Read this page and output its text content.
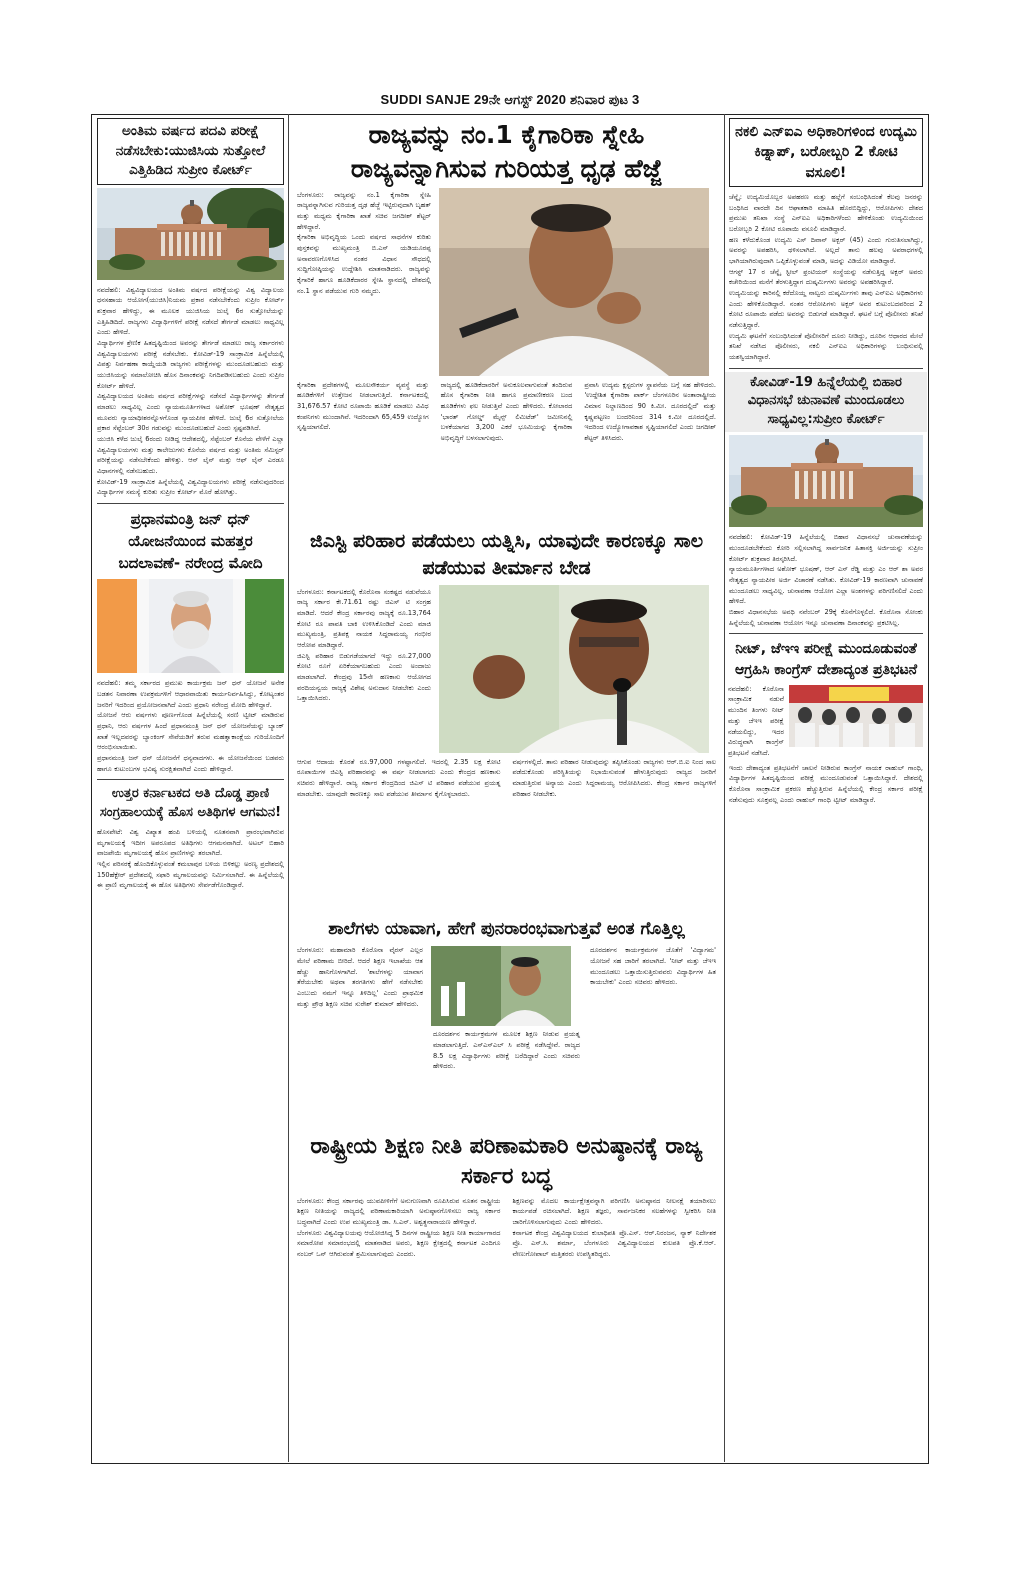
SUDDI SANJE 29ನೇ ಆಗಸ್ಟ್ 2020 ಶನಿವಾರ ಪುಟ 3
ಅಂತಿಮ ವರ್ಷದ ಪದವಿ ಪರೀಕ್ಷೆ ನಡೆಸಬೇಕು:ಯುಜಿಸಿಯ ಸುತ್ತೋಲೆ ಎತ್ತಿಹಿಡಿದ ಸುಪ್ರೀಂ ಕೋರ್ಟ್

ನವದೆಹಲಿ: ವಿಶ್ವವಿದ್ಯಾಲಯದ ಅಂತಿಮ ವರ್ಷದ ಪರೀಕ್ಷೆಯನ್ನು ವಿಶ್ವ ವಿದ್ಯಾಲಯ ಧನಸಹಾಯ ಆಯೋಗ(ಯುಜಿಸಿ)ನಿಯಮ ಪ್ರಕಾರ ನಡೆಸಬೇಕೆಂದು ಸುಪ್ರೀಂ ಕೋರ್ಟ್ ಶುಕ್ರವಾರ ಹೇಳಿದ್ದು, ಈ ಮೂಲಕ ಯುಜಿಸಿಯ ಜುಲೈ 6ರ ಸುತ್ತೋಲೆಯನ್ನು ಎತ್ತಿಹಿಡಿದಿದೆ. ರಾಜ್ಯಗಳು ವಿದ್ಯಾರ್ಥಿಗಳಿಗೆ ಪರೀಕ್ಷೆ ನಡೆಸದೆ ತೇರ್ಗಡೆ ಮಾಡಲು ಸಾಧ್ಯವಿಲ್ಲ ಎಂದು ಹೇಳಿದೆ.

ವಿದ್ಯಾರ್ಥಿಗಳ ಶ್ರೇಣಿಕ ಹಿತದೃಷ್ಟಿಯಿಂದ ಅವರನ್ನು ತೇರ್ಗಡೆ ಮಾಡಲು ರಾಜ್ಯ ಸರ್ಕಾರಗಳು ವಿಶ್ವವಿದ್ಯಾಲಯಗಳು ಪರೀಕ್ಷೆ ನಡೆಸಬೇಕು. ಕೋವಿಡ್-19 ಸಾಂಕ್ರಾಮಿಕ ಹಿನ್ನೆಲೆಯಲ್ಲಿ ವಿಪತ್ತು ನಿರ್ವಹಣಾ ಕಾಯ್ದೆಯಡಿ ರಾಜ್ಯಗಳು ಪರೀಕ್ಷೆಗಳನ್ನು ಮುಂದೂಡಬಹುದು ಮತ್ತು ಯುಜಿಸಿಯನ್ನು ಸಮಾಲೋಚಿಸಿ ಹೊಸ ದಿನಾಂಕವನ್ನು ನಿಗದಿಪಡಿಸಬಹುದು ಎಂದು ಸುಪ್ರೀಂ ಕೋರ್ಟ್ ಹೇಳಿದೆ.

ವಿಶ್ವವಿದ್ಯಾಲಯದ ಅಂತಿಮ ವರ್ಷದ ಪರೀಕ್ಷೆಗಳನ್ನು ನಡೆಸದೆ ವಿದ್ಯಾರ್ಥಿಗಳನ್ನು ತೇರ್ಗಡೆ ಮಾಡಲು ಸಾಧ್ಯವಿಲ್ಲ ಎಂದು ನ್ಯಾಯಮೂರ್ತಿಗಳಾದ ಅಶೋಕ್ ಭೂಷಣ್ ನೇತೃತ್ವದ ಮೂವರು ನ್ಯಾಯಾಧೀಶರನ್ನೊಳಗೊಂಡ ನ್ಯಾಯಪೀಠ ಹೇಳಿದೆ. ಜುಲೈ 6ರ ಸುತ್ತೋಲೆಯ ಪ್ರಕಾರ ಸೆಪ್ಟೆಂಬರ್ 30ರ ಗಡುವನ್ನು ಮುಂದೂಡಬಹುದೆ ಎಂದು ಸ್ಪಷ್ಟಪಡಿಸಿದೆ.

ಯುಜಿಸಿ ಕಳೆದ ಜುಲೈ 6ರಂದು ನೀಡಿದ್ದ ಆದೇಶದಲ್ಲಿ, ಸೆಪ್ಟೆಂಬರ್ ಕೊನೆಯ ವೇಳೆಗೆ ಎಲ್ಲಾ ವಿಶ್ವವಿದ್ಯಾಲಯಗಳು ಮತ್ತು ಕಾಲೇಜುಗಳು ಕೊನೆಯ ವರ್ಷದ ಮತ್ತು ಅಂತಿಮ ಸೆಮಿಸ್ಟರ್ ಪರೀಕ್ಷೆಯನ್ನು ನಡೆಸಬೇಕೆಂದು ಹೇಳಿತ್ತು. ಆನ್ ಲೈನ್ ಮತ್ತು ಆಫ್ ಲೈನ್ ಎರಡೂ ವಿಧಾನಗಳಲ್ಲಿ ನಡೆಸಬಹುದು.

ಕೋವಿಡ್-19 ಸಾಂಕ್ರಾಮಿಕ ಹಿನ್ನೆಲೆಯಲ್ಲಿ ವಿಶ್ವವಿದ್ಯಾಲಯಗಳು ಪರೀಕ್ಷೆ ನಡೆಸುವುದರಿಂದ ವಿದ್ಯಾರ್ಥಿಗಳ ಸಮಸ್ಯೆ ಕುರಿತು ಸುಪ್ರೀಂ ಕೋರ್ಟ್ ಮೊರೆ ಹೋಗಿತ್ತು.

ಪ್ರಧಾನಮಂತ್ರಿ ಜನ್ ಧನ್ ಯೋಜನೆಯಿಂದ ಮಹತ್ತರ ಬದಲಾವಣೆ- ನರೇಂದ್ರ ಮೋದಿ

ನವದೆಹಲಿ: ತಮ್ಮ ಸರ್ಕಾರದ ಪ್ರಮುಖ ಕಾರ್ಯಕ್ರಮ ಜನ್ ಧನ್ ಯೋಜನೆ ಅನೇಕ ಬಡತನ ನಿವಾರಣಾ ಉಪಕ್ರಮಗಳಿಗೆ ಆಧಾರವಾಯಿತು ಕಾರ್ಯನಿರ್ವಹಿಸಿದ್ದು, ಕೋಟ್ಯಂತರ ಜನರಿಗೆ ಇದರಿಂದ ಪ್ರಯೋಜನವಾಗಿದೆ ಎಂದು ಪ್ರಧಾನಿ ನರೇಂದ್ರ ಮೋದಿ ಹೇಳಿದ್ದಾರೆ.

ಯೋಜನೆ ಆರು ವರ್ಷಗಳು ಪೂರ್ಣಗೊಂಡ ಹಿನ್ನೆಲೆಯಲ್ಲಿ ಸರಣಿ ಟ್ವೀಟ್ ಮಾಡಿರುವ ಪ್ರಧಾನಿ, ಆರು ವರ್ಷಗಳ ಹಿಂದೆ ಪ್ರಧಾನಮಂತ್ರಿ ಜನ್ ಧನ್ ಯೋಜನೆಯನ್ನು ಬ್ಯಾಂಕ್ ಖಾತೆ ಇಲ್ಲದವರನ್ನು ಬ್ಯಾಂಕಿಂಗ್ ಸೇವೆಯಡಿಗೆ ತರುವ ಮಹತ್ವಾಕಾಂಕ್ಷೆಯ ಗುರಿಯೊಂದಿಗೆ ಆರಂಭಿಸಲಾಯಿತು.

ಪ್ರಧಾನಮಂತ್ರಿ ಜನ್ ಧನ್ ಯೋಜನೆಗೆ ಧನ್ಯವಾದಗಳು. ಈ ಯೋಜನೆಯಿಂದ ಬಡವರು ಹಾಗೂ ಕುಟುಂಬಗಳ ಭವಿಷ್ಯ ಸುರಕ್ಷಿತವಾಗಿದೆ ಎಂದು ಹೇಳಿದ್ದಾರೆ.

ಉತ್ತರ ಕರ್ನಾಟಕದ ಅತಿ ದೊಡ್ಡ ಪ್ರಾಣಿ ಸಂಗ್ರಹಾಲಯಕ್ಕೆ ಹೊಸ ಅತಿಥಿಗಳ ಆಗಮನ!

ಹೊಸಪೇಟೆ: ವಿಶ್ವ ವಿಖ್ಯಾತ ಹಂಪಿ ಬಳಿಯಲ್ಲಿ ನೂತನವಾಗಿ ಪ್ರಾರಂಭವಾಗಿರುವ ಮೃಗಾಲಯಕ್ಕೆ ಇದೀಗ ಅಪರೂಪದ ಅತಿಥಿಗಳು ಆಗಮನವಾಗಿದೆ. ಅಟಲ್ ಬಿಹಾರಿ ವಾಜಪೇಯಿ ಮೃಗಾಲಯಕ್ಕೆ ಹೊಸ ಪ್ರಾಣಿಗಳನ್ನು ತರಲಾಗಿದೆ.

ಇಲ್ಲಿನ ಪರಿಸರಕ್ಕೆ ಹೊಂದಿಕೊಳ್ಳುವಂತೆ ಕಮಲಾಪುರ ಬಳಿಯ ಬಿಳಿಕಲ್ಲು ಅರಣ್ಯ ಪ್ರದೇಶದಲ್ಲಿ 150ಹೆಕ್ಟೇರ್ ಪ್ರದೇಶದಲ್ಲಿ ಸಫಾರಿ ಮೃಗಾಲಯವನ್ನು ನಿರ್ಮಿಸಲಾಗಿದೆ. ಈ ಹಿನ್ನೆಲೆಯಲ್ಲಿ ಈ ಪ್ರಾಣಿ ಮೃಗಾಲಯಕ್ಕೆ ಈ ಹೊಸ ಅತಿಥಿಗಳು ಸೇರ್ಪಡೆಗೊಂಡಿದ್ದಾರೆ.

ರಾಜ್ಯವನ್ನು ನಂ.1 ಕೈಗಾರಿಕಾ ಸ್ನೇಹಿ ರಾಜ್ಯವನ್ನಾಗಿಸುವ ಗುರಿಯತ್ತ ಧೃಢ ಹೆಜ್ಜೆ

ಬೆಂಗಳೂರು: ರಾಜ್ಯವನ್ನು ನಂ.1 ಕೈಗಾರಿಕಾ ಸ್ನೇಹಿ ರಾಜ್ಯವನ್ನಾಗಿಸುವ ಗುರಿಯತ್ತ ದೃಢ ಹೆಜ್ಜೆ ಇಟ್ಟಿರುವುದಾಗಿ ಬೃಹತ್ ಮತ್ತು ಮಧ್ಯಮ ಕೈಗಾರಿಕಾ ಖಾತೆ ಸಚಿವ ಜಗದೀಶ್ ಶೆಟ್ಟರ್ ಹೇಳಿದ್ದಾರೆ.

ಕೈಗಾರಿಕಾ ಅಭಿವೃದ್ಧಿಯ ಒಂದು ವರ್ಷದ ಸಾಧನೆಗಳ ಕುರಿತು ಪುಸ್ತಕವನ್ನು ಮುಖ್ಯಮಂತ್ರಿ ಬಿ.ಎಸ್ ಯಡಿಯೂರಪ್ಪ ಅನಾವರಣಗೊಳಿಸಿದ ನಂತರ ವಿಧಾನ ಸೌಧದಲ್ಲಿ ಸುದ್ದಿಗೋಷ್ಠಿಯನ್ನು ಉದ್ದೇಶಿಸಿ ಮಾತನಾಡಿದರು. ರಾಜ್ಯವನ್ನು ಕೈಗಾರಿಕೆ ಹಾಗೂ ಹೂಡಿಕೆದಾರರ ಸ್ನೇಹಿ ಸ್ಥಾನದಲ್ಲಿ ದೇಶದಲ್ಲಿ ನಂ.1 ಸ್ಥಾನ ಪಡೆಯುವ ಗುರಿ ನಮ್ಮದು.

ಕೈಗಾರಿಕಾ ಪ್ರದೇಶಗಳಲ್ಲಿ ಮೂಲಸೌಕರ್ಯ ವ್ಯವಸ್ಥೆ ಮತ್ತು ಹೂಡಿಕೆಗಳಿಗೆ ಉತ್ತೇಜನ ನೀಡಲಾಗುತ್ತಿದೆ. ಕರ್ನಾಟಕದಲ್ಲಿ 31,676.57 ಕೋಟಿ ರೂಪಾಯಿ ಹೂಡಿಕೆ ಮಾಡಲು ವಿವಿಧ ಕಂಪನಿಗಳು ಮುಂದಾಗಿವೆ. ಇದರಿಂದಾಗಿ 65,459 ಉದ್ಯೋಗ ಸೃಷ್ಟಿಯಾಗಲಿದೆ.

ರಾಜ್ಯದಲ್ಲಿ ಹೂಡಿಕೆದಾರರಿಗೆ ಅನುಕೂಲವಾಗುವಂತೆ ತಂದಿರುವ ಹೊಸ ಕೈಗಾರಿಕಾ ನೀತಿ ಹಾಗೂ ಪ್ರಮಾಣೀಕರಣ ಬಂದ ಹೂಡಿಕೆಗಳು ಫಲ ನೀಡುತ್ತಿವೆ ಎಂದು ಹೇಳಿದರು. ಕೋಲಾರದ 'ಭಾರತ್ ಗೋಲ್ಡ್ ಮೈನ್ಸ್ ಲಿಮಿಟೆಡ್' ಜಮೀನಿನಲ್ಲಿ ಬಳಕೆಯಾಗದ 3,200 ಎಕರೆ ಭೂಮಿಯನ್ನು ಕೈಗಾರಿಕಾ ಅಭಿವೃದ್ಧಿಗೆ ಬಳಸಲಾಗುವುದು.

ಪ್ರವಾಸಿ ಉದ್ಯಮ ಕ್ಲಸ್ಟರುಗಳ ಸ್ಥಾಪನೆಯ ಬಗ್ಗೆ ಸಹ ಹೇಳಿದರು. 'ಉದ್ದೇಶಿತ ಕೈಗಾರಿಕಾ ಪಾರ್ಕ್ ಬೆಂಗಳೂರಿನ ಅಂತಾರಾಷ್ಟ್ರೀಯ ವಿಮಾನ ನಿಲ್ದಾಣದಿಂದ 90 ಕಿ.ಮೀ. ದೂರದಲ್ಲಿದೆ' ಮತ್ತು ಕೃಷ್ಣಪಟ್ಟಣಂ ಬಂದರಿನಿಂದ 314 ಕಿ.ಮೀ ದೂರದಲ್ಲಿದೆ. ಇದರಿಂದ ಉದ್ಯೋಗಾವಕಾಶ ಸೃಷ್ಟಿಯಾಗಲಿದೆ ಎಂದು ಜಗದೀಶ್ ಶೆಟ್ಟರ್ ತಿಳಿಸಿದರು.

ಜಿಎಸ್ಟಿ ಪರಿಹಾರ ಪಡೆಯಲು ಯತ್ನಿಸಿ, ಯಾವುದೇ ಕಾರಣಕ್ಕೂ ಸಾಲ ಪಡೆಯುವ ತೀರ್ಮಾನ ಬೇಡ

ಬೆಂಗಳೂರು: ಕರ್ನಾಟಕದಲ್ಲಿ ಕೊರೊನಾ ಸಂಕಷ್ಟದ ನಡುವೆಯೂ ರಾಜ್ಯ ಸರ್ಕಾರ ಕೇ.71.61 ರಷ್ಟು ಜಿಎಸ್ ಟಿ ಸಂಗ್ರಹ ಮಾಡಿದೆ. ಆದರೆ ಕೇಂದ್ರ ಸರ್ಕಾರವು ರಾಜ್ಯಕ್ಕೆ ರೂ.13,764 ಕೋಟಿ ರೂ ಪಾವತಿ ಬಾಕಿ ಉಳಿಸಿಕೊಂಡಿದೆ ಎಂದು ಮಾಜಿ ಮುಖ್ಯಮಂತ್ರಿ, ಪ್ರತಿಪಕ್ಷ ನಾಯಕ ಸಿದ್ದರಾಮಯ್ಯ ಗಂಭೀರ ಆರೋಪ ಮಾಡಿದ್ದಾರೆ.

ಜಿಎಸ್ಟಿ ಪರಿಹಾರ ಬಿಡುಗಡೆಯಾಗದೆ ಇದ್ದು ರೂ.27,000 ಕೋಟಿ ರೂಗೆ ಏರಿಕೆಯಾಗಬಹುದು ಎಂದು ಅಂದಾಜು ಮಾಡಲಾಗಿದೆ. ಕೇಂದ್ರವು 15ನೇ ಹಣಕಾಸು ಆಯೋಗದ ವರದಿಯನ್ವಯ ರಾಜ್ಯಕ್ಕೆ ವಿಶೇಷ ಅನುದಾನ ನೀಡಬೇಕು ಎಂದು ಒತ್ತಾಯಿಸಿದರು.

ಆಗುವ ಆದಾಯ ಕೊರತೆ ರೂ.97,000 ಗಳಷ್ಟಾಗಲಿದೆ. ಇದರಲ್ಲಿ 2.35 ಲಕ್ಷ ಕೋಟಿ ರೂಪಾಯಿಗಳ ಜಿಎಸ್ಟಿ ಪರಿಹಾರವನ್ನು ಈ ವರ್ಷ ನೀಡಲಾಗದು ಎಂದು ಕೇಂದ್ರದ ಹಣಕಾಸು ಸಚಿವರು ಹೇಳಿದ್ದಾರೆ. ರಾಜ್ಯ ಸರ್ಕಾರ ಕೇಂದ್ರದಿಂದ ಜಿಎಸ್ ಟಿ ಪರಿಹಾರ ಪಡೆಯುವ ಪ್ರಯತ್ನ ಮಾಡಬೇಕು. ಯಾವುದೇ ಕಾರಣಕ್ಕೂ ಸಾಲ ಪಡೆಯುವ ತೀರ್ಮಾನ ಕೈಗೊಳ್ಳಬಾರದು.

ವರ್ಷಗಳಲ್ಲಿದೆ. ತಾನು ಪರಿಹಾರ ನೀಡುವುದನ್ನು ತಪ್ಪಿಸಿಕೊಂಡು ರಾಜ್ಯಗಳು ಆರ್.ಬಿ.ಐ ನಿಂದ ಸಾಲ ಪಡೆದುಕೊಂಡು ಪರಿಸ್ಥಿತಿಯನ್ನು ನಿಭಾಯಿಸುವಂತೆ ಹೇಳುತ್ತಿರುವುದು ರಾಜ್ಯದ ಜನರಿಗೆ ಮಾಡುತ್ತಿರುವ ಅನ್ಯಾಯ ಎಂದು ಸಿದ್ದರಾಮಯ್ಯ ಆರೋಪಿಸಿದರು. ಕೇಂದ್ರ ಸರ್ಕಾರ ರಾಜ್ಯಗಳಿಗೆ ಪರಿಹಾರ ನೀಡಬೇಕು.

ಶಾಲೆಗಳು ಯಾವಾಗ, ಹೇಗೆ ಪುನರಾರಂಭವಾಗುತ್ತವೆ ಅಂತ ಗೊತ್ತಿಲ್ಲ

ಬೆಂಗಳೂರು: ಮಹಾಮಾರಿ ಕೊರೊನಾ ವೈರಸ್ ಎಲ್ಲರ ಮೇಲೆ ಪರಿಣಾಮ ಬೀರಿದೆ. ಆದರೆ ಶಿಕ್ಷಣ ಇಲಾಖೆಯ ಆತ ಹೆಚ್ಚು ಹಾನಿಗೊಳಗಾಗಿದೆ. 'ಶಾಲೆಗಳನ್ನು ಯಾವಾಗ ತೆರೆಯಬೇಕು ಅಥವಾ ತರಗತಿಗಳು ಹೇಗೆ ನಡೆಸಬೇಕು ಎಂಬುದು ನಮಗೆ ಇನ್ನೂ ತಿಳಿದಿಲ್ಲ' ಎಂದು ಪ್ರಾಥಮಿಕ ಮತ್ತು ಪ್ರೌಢ ಶಿಕ್ಷಣ ಸಚಿವ ಸುರೇಶ್ ಕುಮಾರ್ ಹೇಳಿದರು.

ದೂರದರ್ಶನ ಕಾರ್ಯಕ್ರಮಗಳ ಮೂಲಕ ಶಿಕ್ಷಣ ನೀಡುವ ಪ್ರಯತ್ನ ಮಾಡಲಾಗುತ್ತಿದೆ. ಎಸ್ಎಸ್ಎಲ್ ಸಿ ಪರೀಕ್ಷೆ ನಡೆಸಿದ್ದೇವೆ. ರಾಜ್ಯದ 8.5 ಲಕ್ಷ ವಿದ್ಯಾರ್ಥಿಗಳು ಪರೀಕ್ಷೆ ಬರೆದಿದ್ದಾರೆ ಎಂದು ಸಚಿವರು ಹೇಳಿದರು.

ದೂರದರ್ಶನ ಕಾರ್ಯಕ್ರಮಗಳ ಜೊತೆಗೆ 'ವಿದ್ಯಾಗಮ' ಯೋಜನೆ ಸಹ ಜಾರಿಗೆ ತರಲಾಗಿದೆ. 'ನೀಟ್ ಮತ್ತು ಜೆಇಇ ಮುಂದೂಡಲು ಒತ್ತಾಯಿಸುತ್ತಿರುವವರು ವಿದ್ಯಾರ್ಥಿಗಳ ಹಿತ ಕಾಯಬೇಕು' ಎಂದು ಸಚಿವರು ಹೇಳಿದರು.

ರಾಷ್ಟ್ರೀಯ ಶಿಕ್ಷಣ ನೀತಿ ಪರಿಣಾಮಕಾರಿ ಅನುಷ್ಠಾನಕ್ಕೆ ರಾಜ್ಯ ಸರ್ಕಾರ ಬದ್ಧ

ಬೆಂಗಳೂರು: ಕೇಂದ್ರ ಸರ್ಕಾರವು ಯುವಪೀಳಿಗೆಗೆ ಅನುಗುಣವಾಗಿ ರೂಪಿಸಿರುವ ನೂತನ ರಾಷ್ಟ್ರೀಯ ಶಿಕ್ಷಣ ನೀತಿಯನ್ನು ರಾಜ್ಯದಲ್ಲಿ ಪರಿಣಾಮಕಾರಿಯಾಗಿ ಅನುಷ್ಠಾನಗೊಳಿಸಲು ರಾಜ್ಯ ಸರ್ಕಾರ ಬದ್ಧವಾಗಿದೆ ಎಂದು ಉಪ ಮುಖ್ಯಮಂತ್ರಿ ಡಾ. ಸಿ.ಎನ್. ಅಶ್ವತ್ಥನಾರಾಯಣ ಹೇಳಿದ್ದಾರೆ.

ಬೆಂಗಳೂರು ವಿಶ್ವವಿದ್ಯಾಲಯವು ಆಯೋಜಿಸಿದ್ದ 5 ದಿನಗಳ ರಾಷ್ಟ್ರೀಯ ಶಿಕ್ಷಣ ನೀತಿ ಕಾರ್ಯಾಗಾರದ ಸಮಾರೋಪ ಸಮಾರಂಭದಲ್ಲಿ ಮಾತನಾಡಿದ ಅವರು, ಶಿಕ್ಷಣ ಕ್ಷೇತ್ರದಲ್ಲಿ ಕರ್ನಾಟಕ ಎಂದಿಗೂ ನಂಬರ್ ಒನ್ ಆಗಿರುವಂತೆ ಶ್ರಮಿಸಲಾಗುವುದು ಎಂದರು.

ಶಿಕ್ಷಣವನ್ನು ಮೊದಲ ಕಾರ್ಯಕ್ಷೇತ್ರವನ್ನಾಗಿ ಪರಿಗಣಿಸಿ ಅನುಷ್ಠಾನದ ನೀಲನಕ್ಷೆ ತಯಾರಿಸಲು ಕಾರ್ಯಪಡೆ ರಚಿಸಲಾಗಿದೆ. ಶಿಕ್ಷಣ ತಜ್ಞರು, ಸಾರ್ವಜನಿಕರ ಸಲಹೆಗಳನ್ನು ಸ್ವೀಕರಿಸಿ ನೀತಿ ಜಾರಿಗೊಳಿಸಲಾಗುವುದು ಎಂದು ಹೇಳಿದರು.

ಕರ್ನಾಟಕ ಕೇಂದ್ರ ವಿಶ್ವವಿದ್ಯಾಲಯದ ಕುಲಾಧಿಪತಿ ಪ್ರೊ.ಎಸ್. ಆರ್.ನಿರಂಜನ, ನ್ಯಾಕ್ ನಿರ್ದೇಶಕ ಪ್ರೊ. ಎಸ್.ಸಿ. ಶರ್ಮಾ, ಬೆಂಗಳೂರು ವಿಶ್ವವಿದ್ಯಾಲಯದ ಕುಲಪತಿ ಪ್ರೊ.ಕೆ.ಆರ್. ವೇಣುಗೋಪಾಲ್ ಮತ್ತಿತರರು ಉಪಸ್ಥಿತರಿದ್ದರು.

ನಕಲಿ ಎನ್ಐಎ ಅಧಿಕಾರಿಗಳಿಂದ ಉದ್ಯಮಿ ಕಿಡ್ನಾಪ್, ಬರೋಬ್ಬರಿ 2 ಕೋಟಿ ವಸೂಲಿ!

ಚೆನ್ನೈ: ಉದ್ಯಮಿಯೊಬ್ಬರ ಅಪಹರಣ ಮತ್ತು ಹಲ್ಲೆಗೆ ಸಂಬಂಧಿಸಿದಂತೆ ಕೆಲವು ಜನರನ್ನು ಬಂಧಿಸಿದ ವಾರದೇ ದಿನ ಆಘಾತಕಾರಿ ಮಾಹಿತಿ ಹೊರಬಿದ್ದಿದ್ದು, ಆರೋಪಿಗಳು ದೇಶದ ಪ್ರಮುಖ ತನಿಖಾ ಸಂಸ್ಥೆ ಎನ್ಐಎ ಅಧಿಕಾರಿಗಳೆಂದು ಹೇಳಿಕೊಂಡು ಉದ್ಯಮಿಯಿಂದ ಬರೋಬ್ಬರಿ 2 ಕೋಟಿ ರೂಪಾಯಿ ವಸೂಲಿ ಮಾಡಿದ್ದಾರೆ.

ಹಣ ಕಳೆದುಕೊಂಡ ಉದ್ಯಮಿ ಎಸ್ ದಿವಾನ್ ಅಕ್ಬರ್ (45) ಎಂದು ಗುರುತಿಸಲಾಗಿದ್ದು, ಅವರನ್ನು ಅಪಹರಿಸಿ, ಥಳಿಸಲಾಗಿದೆ. ಅಲ್ಲದೆ ತಾನು ಹಲವು ಅಪರಾಧಗಳಲ್ಲಿ ಭಾಗಿಯಾಗಿರುವುದಾಗಿ ಒಪ್ಪಿಕೊಳ್ಳುವಂತೆ ಮಾಡಿ, ಅದನ್ನು ವಿಡಿಯೋ ಮಾಡಿದ್ದಾರೆ.

ಆಗಸ್ಟ್ 17 ರ ಚೆನ್ನೈ ಸ್ಟೀಲ್ ಫ್ರಂಟಿಯರ್ ಸಂಸ್ಥೆಯನ್ನು ನಡೆಸುತ್ತಿದ್ದ ಅಕ್ಬರ್ ಅವರು ಕಚೇರಿಯಿಂದ ಮನೆಗೆ ತೆರಳುತ್ತಿದ್ದಾಗ ದುಷ್ಕರ್ಮಿಗಳು ಅವರನ್ನು ಅಪಹರಿಸಿದ್ದಾರೆ.

ಉದ್ಯಮಿಯನ್ನು ಕಾರಿನಲ್ಲಿ ಕರೆದೊಯ್ದ ನಾಲ್ವರು ದುಷ್ಕರ್ಮಿಗಳು ತಾವು ಎನ್ಐಎ ಅಧಿಕಾರಿಗಳು ಎಂದು ಹೇಳಿಕೊಂಡಿದ್ದಾರೆ. ನಂತರ ಆರೋಪಿಗಳು ಅಕ್ಬರ್ ಅವರ ಕುಟುಂಬದವರಿಂದ 2 ಕೋಟಿ ರೂಪಾಯಿ ಪಡೆದು ಅವರನ್ನು ಬಿಡುಗಡೆ ಮಾಡಿದ್ದಾರೆ. ಘಟನೆ ಬಗ್ಗೆ ಪೊಲೀಸರು ತನಿಖೆ ನಡೆಸುತ್ತಿದ್ದಾರೆ.

ಉದ್ಯಮಿ ಘಟನೆಗೆ ಸಂಬಂಧಿಸಿದಂತೆ ಪೊಲೀಸರಿಗೆ ದೂರು ನೀಡಿದ್ದು, ದೂರಿನ ಆಧಾರದ ಮೇಲೆ ತನಿಖೆ ನಡೆಸಿದ ಪೊಲೀಸರು, ನಕಲಿ ಎನ್ಐಎ ಅಧಿಕಾರಿಗಳನ್ನು ಬಂಧಿಸುವಲ್ಲಿ ಯಶಸ್ವಿಯಾಗಿದ್ದಾರೆ.

ಕೋವಿಡ್-19 ಹಿನ್ನೆಲೆಯಲ್ಲಿ ಬಿಹಾರ ವಿಧಾನಸಭೆ ಚುನಾವಣೆ ಮುಂದೂಡಲು ಸಾಧ್ಯವಿಲ್ಲ:ಸುಪ್ರೀಂ ಕೋರ್ಟ್

ನವದೆಹಲಿ: ಕೋವಿಡ್-19 ಹಿನ್ನೆಲೆಯಲ್ಲಿ ಬಿಹಾರ ವಿಧಾನಸಭೆ ಚುನಾವಣೆಯನ್ನು ಮುಂದೂಡಬೇಕೆಂದು ಕೋರಿ ಸಲ್ಲಿಸಲಾಗಿದ್ದ ಸಾರ್ವಜನಿಕ ಹಿತಾಸಕ್ತಿ ಅರ್ಜಿಯನ್ನು ಸುಪ್ರೀಂ ಕೋರ್ಟ್ ಶುಕ್ರವಾರ ತಿರಸ್ಕರಿಸಿದೆ.

ನ್ಯಾಯಮೂರ್ತಿಗಳಾದ ಅಶೋಕ್ ಭೂಷಣ್, ಆರ್ ಎಸ್ ರೆಡ್ಡಿ ಮತ್ತು ಎಂ ಆರ್ ಶಾ ಅವರ ನೇತೃತ್ವದ ನ್ಯಾಯಪೀಠ ಅರ್ಜಿ ವಿಚಾರಣೆ ನಡೆಸಿತು. ಕೋವಿಡ್-19 ಕಾರಣವಾಗಿ ಚುನಾವಣೆ ಮುಂದೂಡಲು ಸಾಧ್ಯವಿಲ್ಲ. ಚುನಾವಣಾ ಆಯೋಗ ಎಲ್ಲಾ ಅಂಶಗಳನ್ನು ಪರಿಗಣಿಸಲಿದೆ ಎಂದು ಹೇಳಿದೆ.

ಬಿಹಾರ ವಿಧಾನಸಭೆಯ ಅವಧಿ ನವೆಂಬರ್ 29ಕ್ಕೆ ಕೊನೆಗೊಳ್ಳಲಿದೆ. ಕೊರೊನಾ ಸೋಂಕು ಹಿನ್ನೆಲೆಯಲ್ಲಿ ಚುನಾವಣಾ ಆಯೋಗ ಇನ್ನೂ ಚುನಾವಣಾ ದಿನಾಂಕವನ್ನು ಪ್ರಕಟಿಸಿಲ್ಲ.

ನೀಟ್, ಜೆಇಇ ಪರೀಕ್ಷೆ ಮುಂದೂಡುವಂತೆ ಆಗ್ರಹಿಸಿ ಕಾಂಗ್ರೆಸ್ ದೇಶಾದ್ಯಂತ ಪ್ರತಿಭಟನೆ

ನವದೆಹಲಿ: ಕೊರೊನಾ ಸಾಂಕ್ರಾಮಿಕ ನಡುವೆ ಮುಂದಿನ ತಿಂಗಳು ನೀಟ್ ಮತ್ತು ಜೆಇಇ ಪರೀಕ್ಷೆ ನಡೆಯಲಿದ್ದು, ಇದರ ವಿರುದ್ಧವಾಗಿ ಕಾಂಗ್ರೆಸ್ ಪ್ರತಿಭಟನೆ ನಡೆಸಿದೆ.

ಇಂದು ದೇಶಾದ್ಯಂತ ಪ್ರತಿಭಟನೆಗೆ ಚಾಲನೆ ನೀಡಿರುವ ಕಾಂಗ್ರೆಸ್ ನಾಯಕ ರಾಹುಲ್ ಗಾಂಧಿ, ವಿದ್ಯಾರ್ಥಿಗಳ ಹಿತದೃಷ್ಟಿಯಿಂದ ಪರೀಕ್ಷೆ ಮುಂದೂಡುವಂತೆ ಒತ್ತಾಯಿಸಿದ್ದಾರೆ. ದೇಶದಲ್ಲಿ ಕೊರೊನಾ ಸಾಂಕ್ರಾಮಿಕ ಪ್ರಕರಣ ಹೆಚ್ಚುತ್ತಿರುವ ಹಿನ್ನೆಲೆಯಲ್ಲಿ ಕೇಂದ್ರ ಸರ್ಕಾರ ಪರೀಕ್ಷೆ ನಡೆಸುವುದು ಸೂಕ್ತವಲ್ಲ ಎಂದು ರಾಹುಲ್ ಗಾಂಧಿ ಟ್ವೀಟ್ ಮಾಡಿದ್ದಾರೆ.
